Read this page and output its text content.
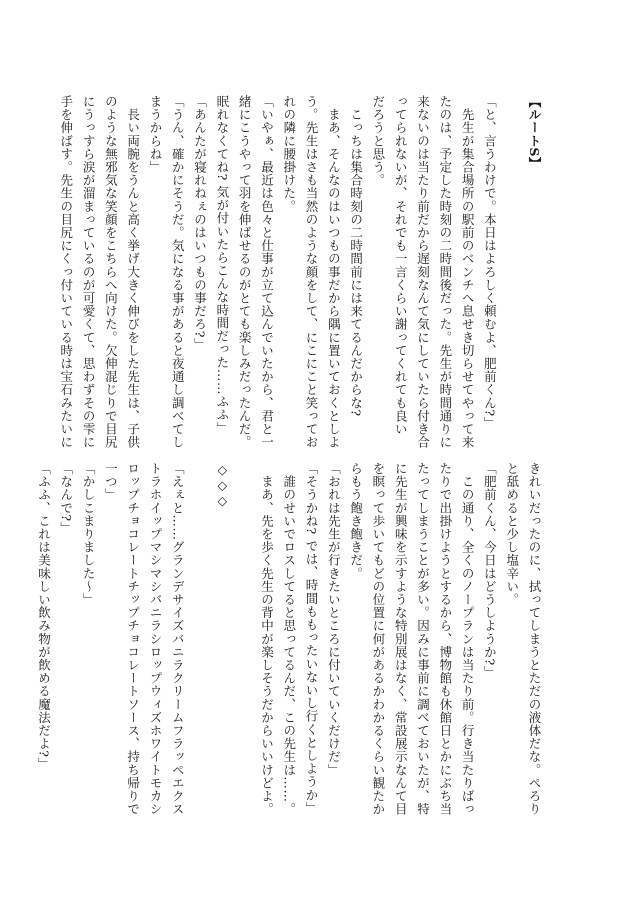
【ルートS】
「と、言うわけで。本日はよろしく頼むよ、肥前くん?」
　先生が集合場所の駅前のベンチへ息せき切らせてやって来
たのは、予定した時刻の二時間後だった。先生が時間通りに
来ないのは当たり前だから遅刻なんて気にしていたら付き合
ってられないが、それでも一言くらい謝ってくれても良い
だろうと思う。
　こっちは集合時刻の二時間前には来てるんだからな?
　まあ、そんなのはいつもの事だから隅に置いておくとしよ
う。先生はさも当然のような顔をして、にこにこと笑ってお
れの隣に腰掛けた。
「いやぁ、最近は色々と仕事が立て込んでいたから、君と一
緒にこうやって羽を伸ばせるのがとても楽しみだったんだ。
眠れなくてね? 気が付いたらこんな時間だった……ふふ」
「あんたが寝れねぇのはいつもの事だろ?」
「うん、確かにそうだ。気になる事があると夜通し調べてし
まうからね」
　長い両腕をうんと高く挙げ大きく伸びをした先生は、子供
のような無邪気な笑顔をこちらへ向けた。欠伸混じりで目尻
にうっすら涙が溜まっているのが可愛くて、思わずその雫に
手を伸ばす。先生の目尻にくっ付いている時は宝石みたいに
きれいだったのに、拭ってしまうとただの液体だな。ぺろり
と舐めると少し塩辛い。
「肥前くん、今日はどうしようか?」
　この通り、全くのノープランは当たり前。行き当たりばっ
たりで出掛けようとするから、博物館も休館日とかにぶち当
たってしまうことが多い。因みに事前に調べておいたが、特
に先生が興味を示すような特別展はなく、常設展示なんて目
を瞑って歩いてもどの位置に何があるかわかるくらい観たか
らもう飽き飽きだ。
「おれは先生が行きたいところに付いていくだけだ」
「そうかね? では、時間ももったいないし行くとしようか」
　誰のせいでロスしてると思ってるんだ、この先生は……。
　まあ、先を歩く先生の背中が楽しそうだからいいけどよ。
◇◇◇
「えぇと……グランデサイズバニラクリームフラッペエクス
トラホイップマシマシバニラシロップウィズホワイトモカシ
ロップチョコレートチップチョコレートソース、持ち帰りで
一つ」
「かしこまりました〜」
「なんで?」
「ふふ、これは美味しい飲み物が飲める魔法だよ?」
